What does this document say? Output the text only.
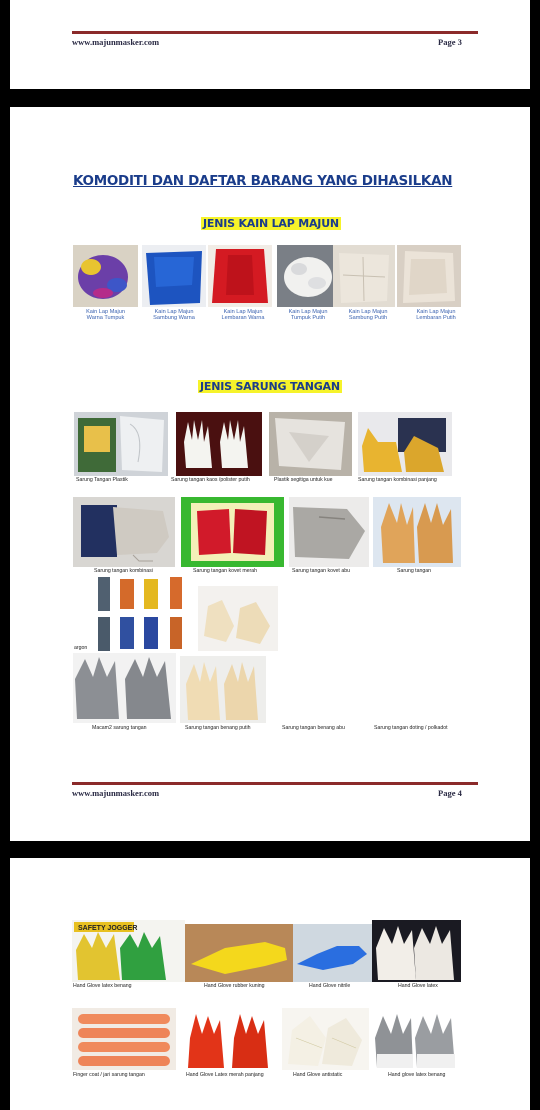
www.majunmasker.com	Page 3
KOMODITI DAN DAFTAR BARANG YANG DIHASILKAN
JENIS KAIN LAP MAJUN
Kain Lap Majun
Warna Tumpuk
Kain Lap Majun
Sambung Warna
Kain Lap Majun
Lembaran Warna
Kain Lap Majun
Tumpuk Putih
Kain Lap Majun
Sambung Putih
Kain Lap Majun
Lembaran Putih
JENIS SARUNG TANGAN
Sarung Tangan Plastik	Sarung tangan kaos /polister putih	Plastik segitiga untuk kue	Sarung tangan kombinasi panjang
Sarung tangan kombinasi	Sarung tangan kovet merah	Sarung tangan kovet abu	Sarung tangan
argon
Macam2 sarung tangan	Sarung tangan benang putih	Sarung tangan benang abu	Sarung tangan doting / polkadot
www.majunmasker.com	Page 4
SAFETY JOGGER
Hand Glove latex benang	Hand Glove rubber kuning	Hand Glove nitrile	Hand Glove latex
Finger coat / jari sarung tangan	Hand Glove Latex merah panjang	Hand Glove antistatic	Hand glove latex benang
